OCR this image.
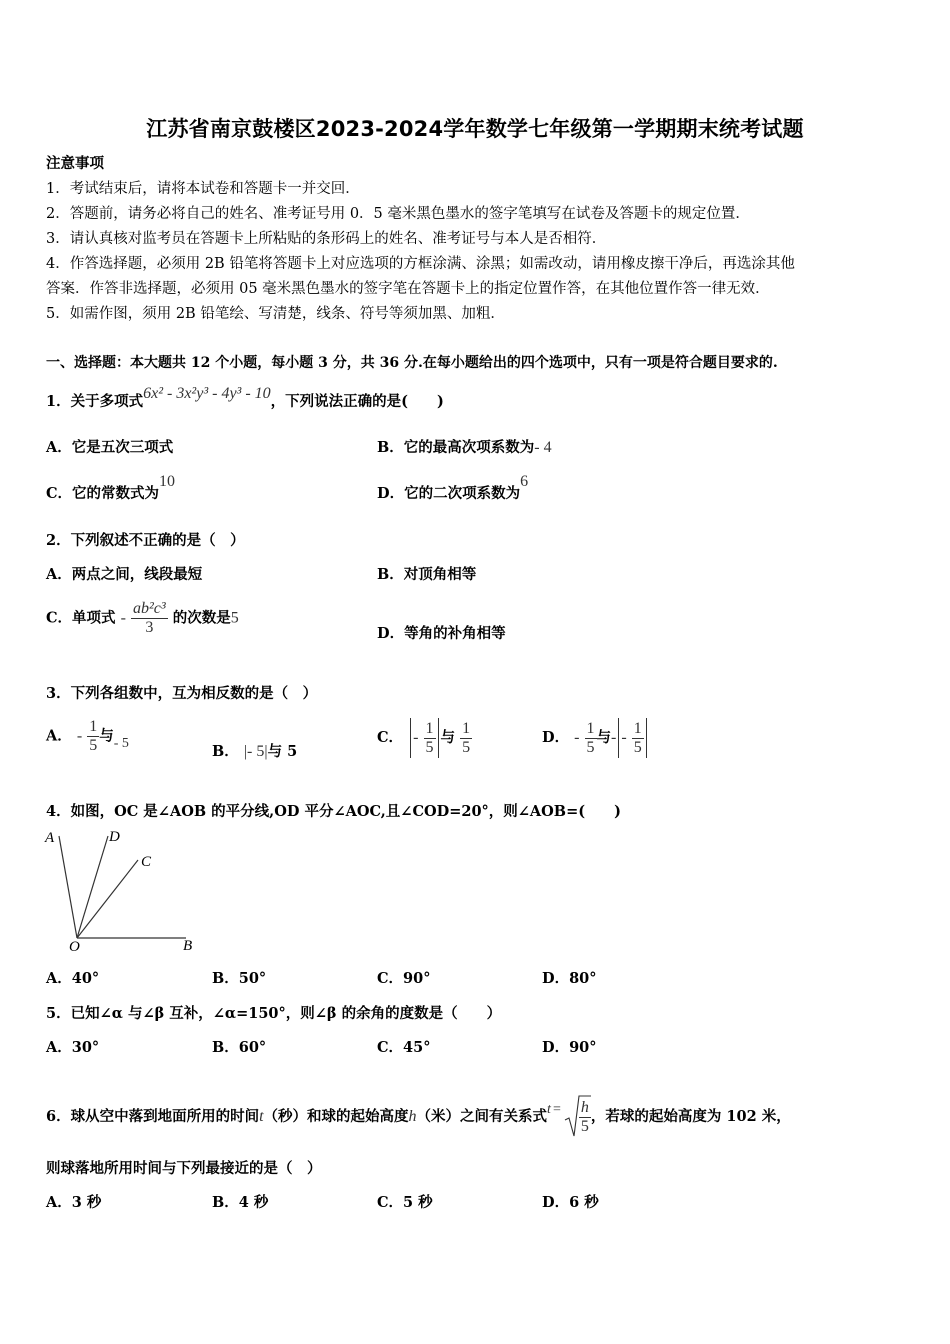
江苏省南京鼓楼区2023-2024学年数学七年级第一学期期末统考试题
注意事项
1．考试结束后，请将本试卷和答题卡一并交回．
2．答题前，请务必将自己的姓名、准考证号用 0．5 毫米黑色墨水的签字笔填写在试卷及答题卡的规定位置．
3．请认真核对监考员在答题卡上所粘贴的条形码上的姓名、准考证号与本人是否相符．
4．作答选择题，必须用 2B 铅笔将答题卡上对应选项的方框涂满、涂黑；如需改动，请用橡皮擦干净后，再选涂其他
答案．作答非选择题，必须用 05 毫米黑色墨水的签字笔在答题卡上的指定位置作答，在其他位置作答一律无效．
5．如需作图，须用 2B 铅笔绘、写清楚，线条、符号等须加黑、加粗．
一、选择题：本大题共 12 个小题，每小题 3 分，共 36 分.在每小题给出的四个选项中，只有一项是符合题目要求的.
1．关于多项式6x² - 3x²y³ - 4y³ - 10，下列说法正确的是(　　)
A．它是五次三项式	B．它的最高次项系数为- 4
C．它的常数式为10
D．它的二次项系数为6
2．下列叙述不正确的是（　）
A．两点之间，线段最短	B．对顶角相等
C．单项式 - $\frac{\text{ab²c³}}{3}$ 的次数是5
D．等角的补角相等
3．下列各组数中，互为相反数的是（　）
A． - $\frac{1}{5}$ 与- 5	B． |- 5|与 5
C． - $\frac{1}{5}$ 与 $\frac{1}{5}$	D． - $\frac{1}{5}$ 与- - $\frac{1}{5}$
4．如图，OC 是∠AOB 的平分线,OD 平分∠AOC,且∠COD=20°，则∠AOB=(　　)
A	D
C
O	B
A．40°	B．50°	C．90°	D．80°
5．已知∠α 与∠β 互补，∠α=150°，则∠β 的余角的度数是（　　）
A．30°	B．60°	C．45°	D．90°
6．球从空中落到地面所用的时间t（秒）和球的起始高度h（米）之间有关系式$t = \frac{h}{5}$ ，若球的起始高度为 102 米，
则球落地所用时间与下列最接近的是（　）
A．3 秒	B．4 秒	C．5 秒	D．6 秒
